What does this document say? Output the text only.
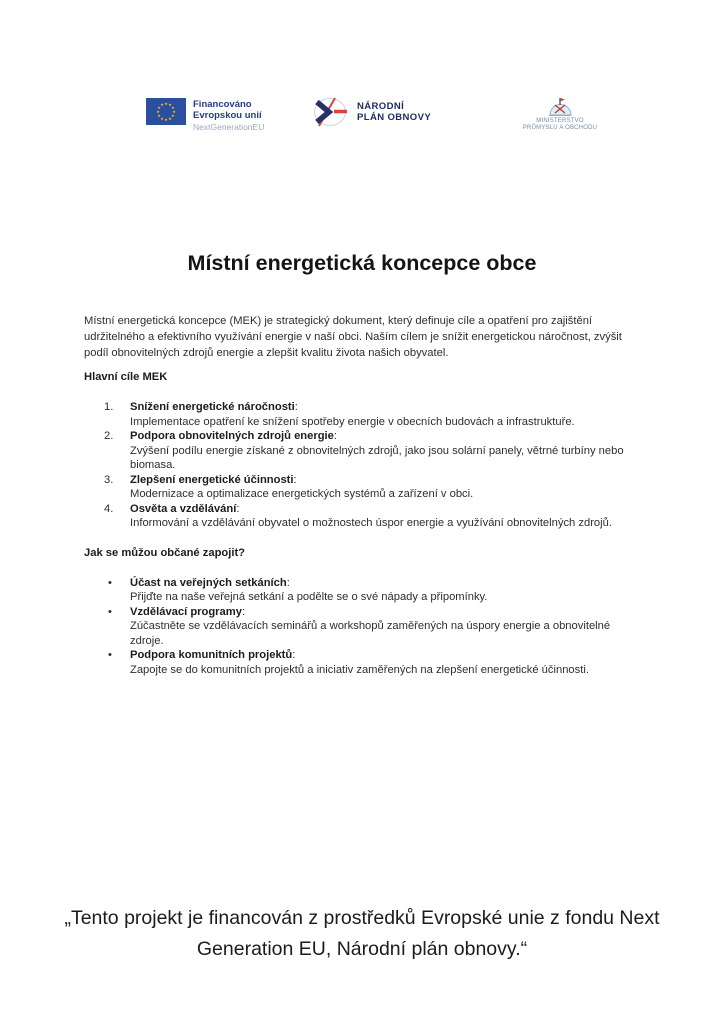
★ ★
★
★
★
★
★
★
★
★
★
★	Financováno
Evropskou unií
NextGenerationEU
NÁRODNÍ
PLÁN OBNOVY	MINISTERSTVO
PRŮMYSLU A OBCHODU
Místní energetická koncepce obce

Místní energetická koncepce (MEK) je strategický dokument, který definuje cíle a opatření pro zajištění udržitelného a efektivního využívání energie v naší obci. Naším cílem je snížit energetickou náročnost, zvýšit podíl obnovitelných zdrojů energie a zlepšit kvalitu života našich obyvatel.

Hlavní cíle MEK
1.	Snížení energetické náročnosti:
Implementace opatření ke snížení spotřeby energie v obecních budovách a infrastruktuře.
2.	Podpora obnovitelných zdrojů energie:
Zvýšení podílu energie získané z obnovitelných zdrojů, jako jsou solární panely, větrné turbíny nebo biomasa.
3.	Zlepšení energetické účinnosti:
Modernizace a optimalizace energetických systémů a zařízení v obci.
4.	Osvěta a vzdělávání:
Informování a vzdělávání obyvatel o možnostech úspor energie a využívání obnovitelných zdrojů.
Jak se můžou občané zapojit?
•	Účast na veřejných setkáních:
Přijďte na naše veřejná setkání a podělte se o své nápady a připomínky.
•	Vzdělávací programy:
Zúčastněte se vzdělávacích seminářů a workshopů zaměřených na úspory energie a obnovitelné zdroje.
•	Podpora komunitních projektů:
Zapojte se do komunitních projektů a iniciativ zaměřených na zlepšení energetické účinnosti.
„Tento projekt je financován z prostředků Evropské unie z fondu Next
Generation EU, Národní plán obnovy.“
